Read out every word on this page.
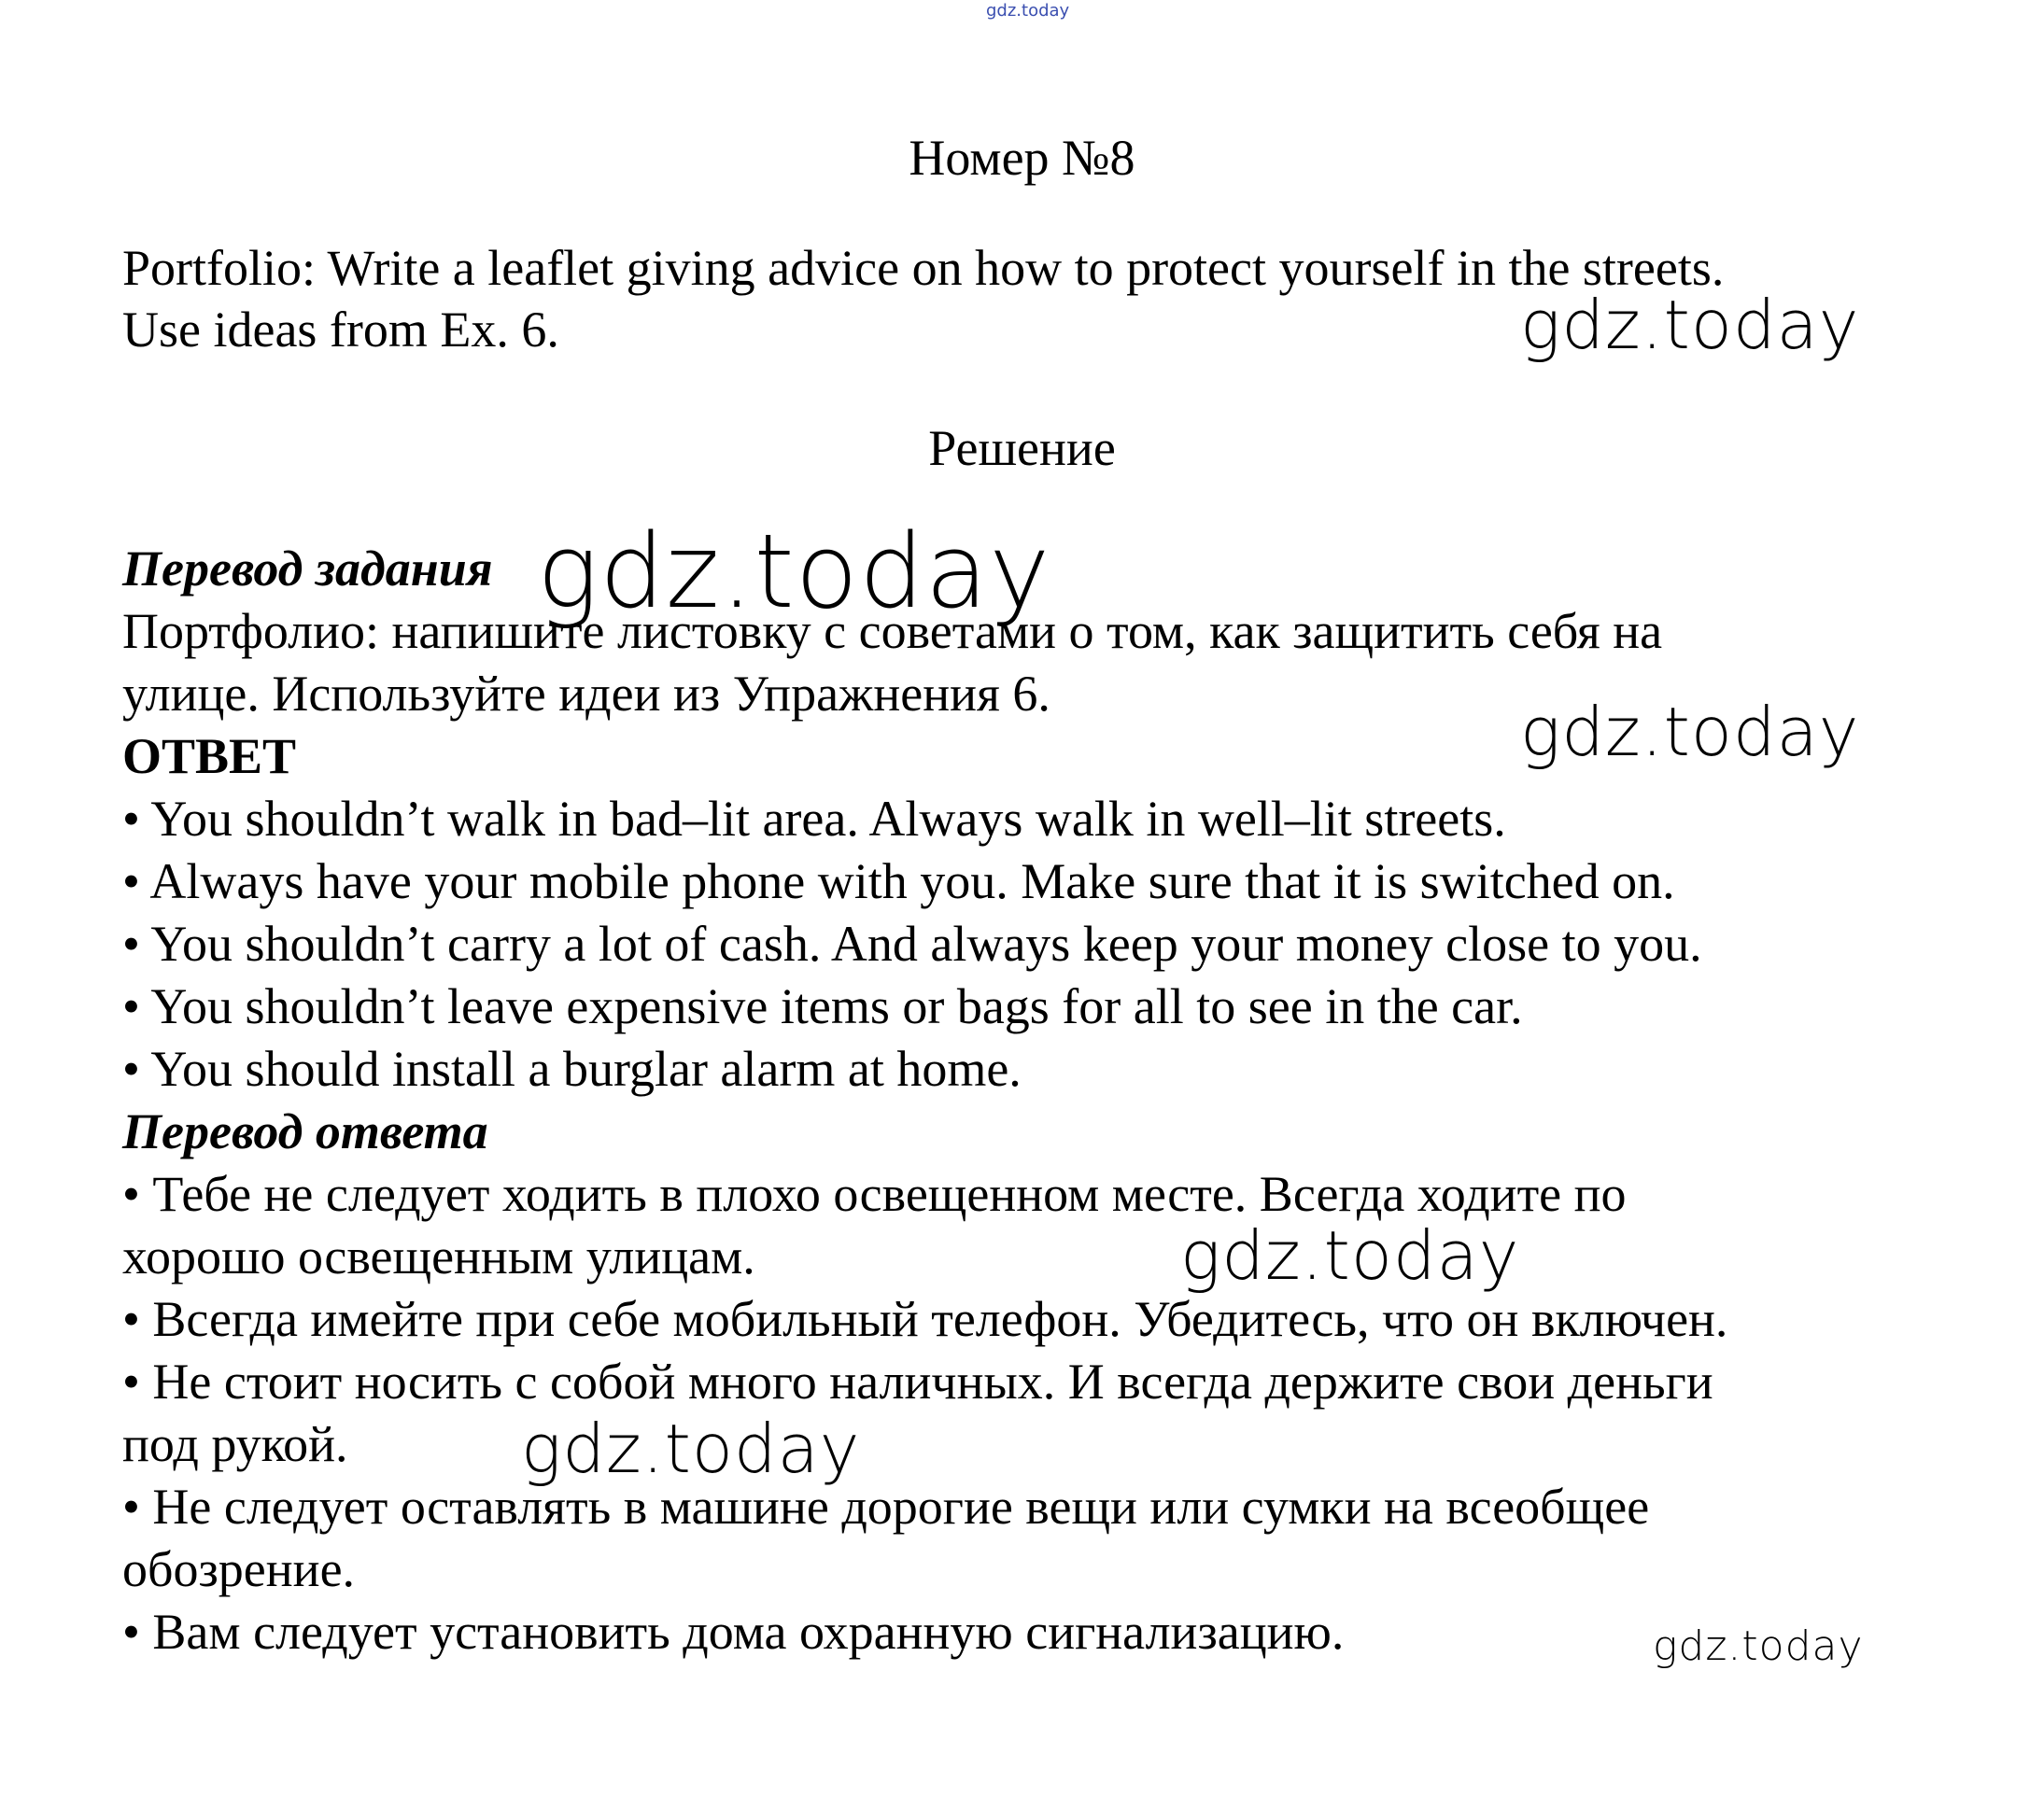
gdz.today
Номер №8
Portfolio: Write a leaflet giving advice on how to protect yourself in the streets.
Use ideas from Ex. 6.
Решение
Перевод задания
Портфолио: напишите листовку с советами о том, как защитить себя на
улице. Используйте идеи из Упражнения 6.
ОТВЕТ
• You shouldn’t walk in bad–lit area. Always walk in well–lit streets.
• Always have your mobile phone with you. Make sure that it is switched on.
• You shouldn’t carry a lot of cash. And always keep your money close to you.
• You shouldn’t leave expensive items or bags for all to see in the car.
• You should install a burglar alarm at home.
Перевод ответа
• Тебе не следует ходить в плохо освещенном месте. Всегда ходите по
хорошо освещенным улицам.
• Всегда имейте при себе мобильный телефон. Убедитесь, что он включен.
• Не стоит носить с собой много наличных. И всегда держите свои деньги
под рукой.
• Не следует оставлять в машине дорогие вещи или сумки на всеобщее
обозрение.
• Вам следует установить дома охранную сигнализацию.
gdz.today
gdz.today
gdz.today
gdz.today
gdz.today
gdz.today
